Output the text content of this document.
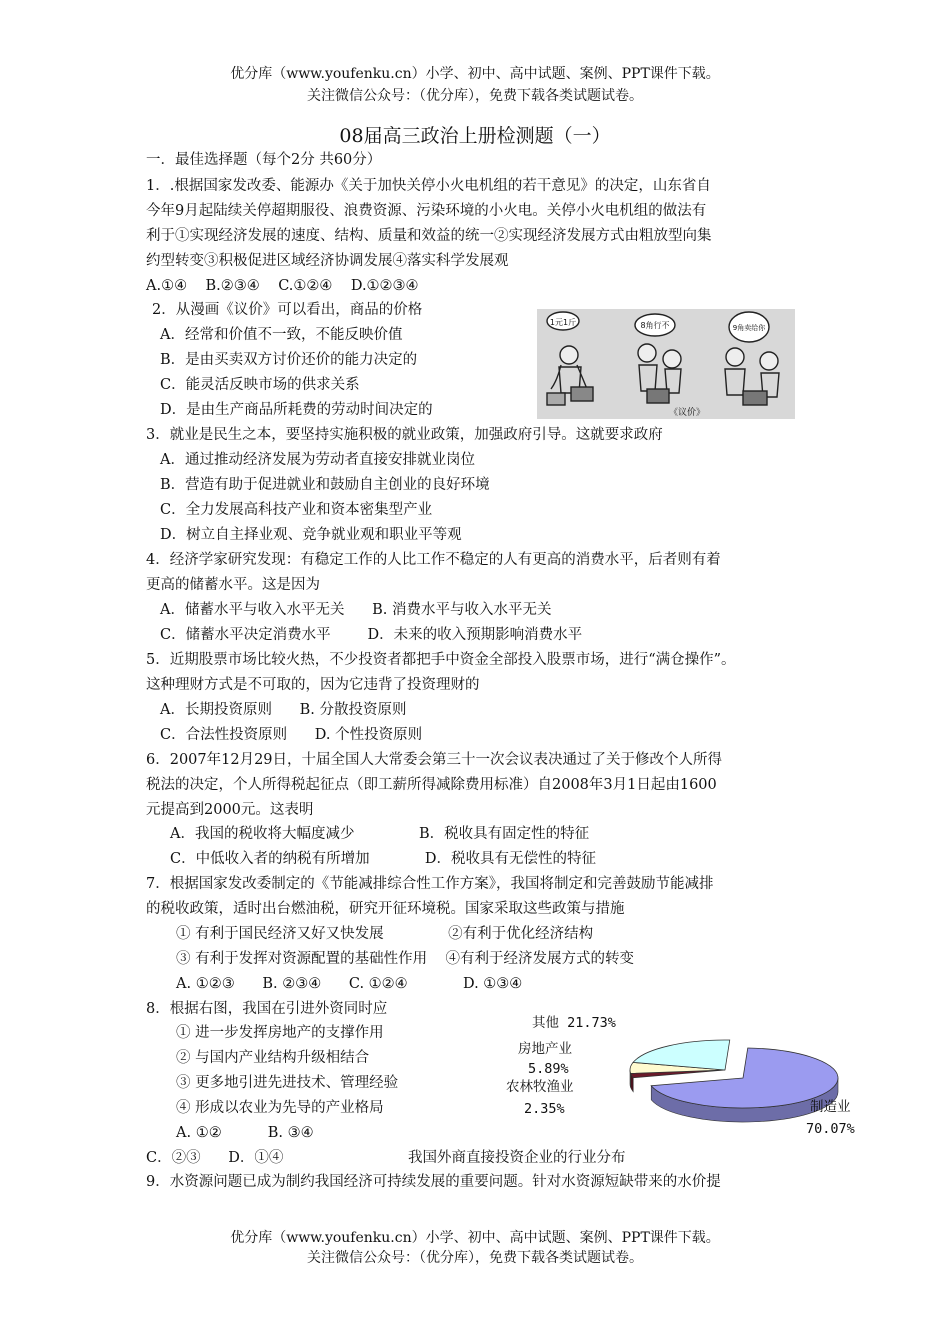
优分库（www.youfenku.cn）小学、初中、高中试题、案例、PPT课件下载。
关注微信公众号：（优分库），免费下载各类试题试卷。
08届高三政治上册检测题（一）
一．最佳选择题（每个2分 共60分）
1．.根据国家发改委、能源办《关于加快关停小火电机组的若干意见》的决定，山东省自
今年9月起陆续关停超期服役、浪费资源、污染环境的小火电。关停小火电机组的做法有
利于①实现经济发展的速度、结构、质量和效益的统一②实现经济发展方式由粗放型向集
约型转变③积极促进区域经济协调发展④落实科学发展观
A.①④    B.②③④    C.①②④    D.①②③④
2．从漫画《议价》可以看出，商品的价格
A．经常和价值不一致，不能反映价值
B．是由买卖双方讨价还价的能力决定的
C．能灵活反映市场的供求关系
D．是由生产商品所耗费的劳动时间决定的
1元1斤	8角行不	9角卖给你
《议价》
3．就业是民生之本，要坚持实施积极的就业政策，加强政府引导。这就要求政府
A．通过推动经济发展为劳动者直接安排就业岗位
B．营造有助于促进就业和鼓励自主创业的良好环境
C．全力发展高科技产业和资本密集型产业
D．树立自主择业观、竞争就业观和职业平等观
4．经济学家研究发现：有稳定工作的人比工作不稳定的人有更高的消费水平，后者则有着
更高的储蓄水平。这是因为
A．储蓄水平与收入水平无关      B. 消费水平与收入水平无关
C．储蓄水平决定消费水平        D．未来的收入预期影响消费水平
5．近期股票市场比较火热，不少投资者都把手中资金全部投入股票市场，进行“满仓操作”。
这种理财方式是不可取的，因为它违背了投资理财的
A．长期投资原则      B. 分散投资原则
C．合法性投资原则      D. 个性投资原则
6．2007年12月29日，十届全国人大常委会第三十一次会议表决通过了关于修改个人所得
税法的决定，个人所得税起征点（即工薪所得减除费用标准）自2008年3月1日起由1600
元提高到2000元。这表明
A．我国的税收将大幅度减少              B．税收具有固定性的特征
C．中低收入者的纳税有所增加            D．税收具有无偿性的特征
7．根据国家发改委制定的《节能减排综合性工作方案》，我国将制定和完善鼓励节能减排
的税收政策，适时出台燃油税，研究开征环境税。国家采取这些政策与措施
① 有利于国民经济又好又快发展              ②有利于优化经济结构
③ 有利于发挥对资源配置的基础性作用    ④有利于经济发展方式的转变
A. ①②③      B. ②③④      C. ①②④            D. ①③④
8．根据右图，我国在引进外资同时应
① 进一步发挥房地产的支撑作用
② 与国内产业结构升级相结合
③ 更多地引进先进技术、管理经验
④ 形成以农业为先导的产业格局
A. ①②          B. ③④
C．②③      D．①④	我国外商直接投资企业的行业分布
其他 21.73%
房地产业
5.89%
农林牧渔业
2.35%	制造业
70.07%
9．水资源问题已成为制约我国经济可持续发展的重要问题。针对水资源短缺带来的水价提
优分库（www.youfenku.cn）小学、初中、高中试题、案例、PPT课件下载。
关注微信公众号：（优分库），免费下载各类试题试卷。
